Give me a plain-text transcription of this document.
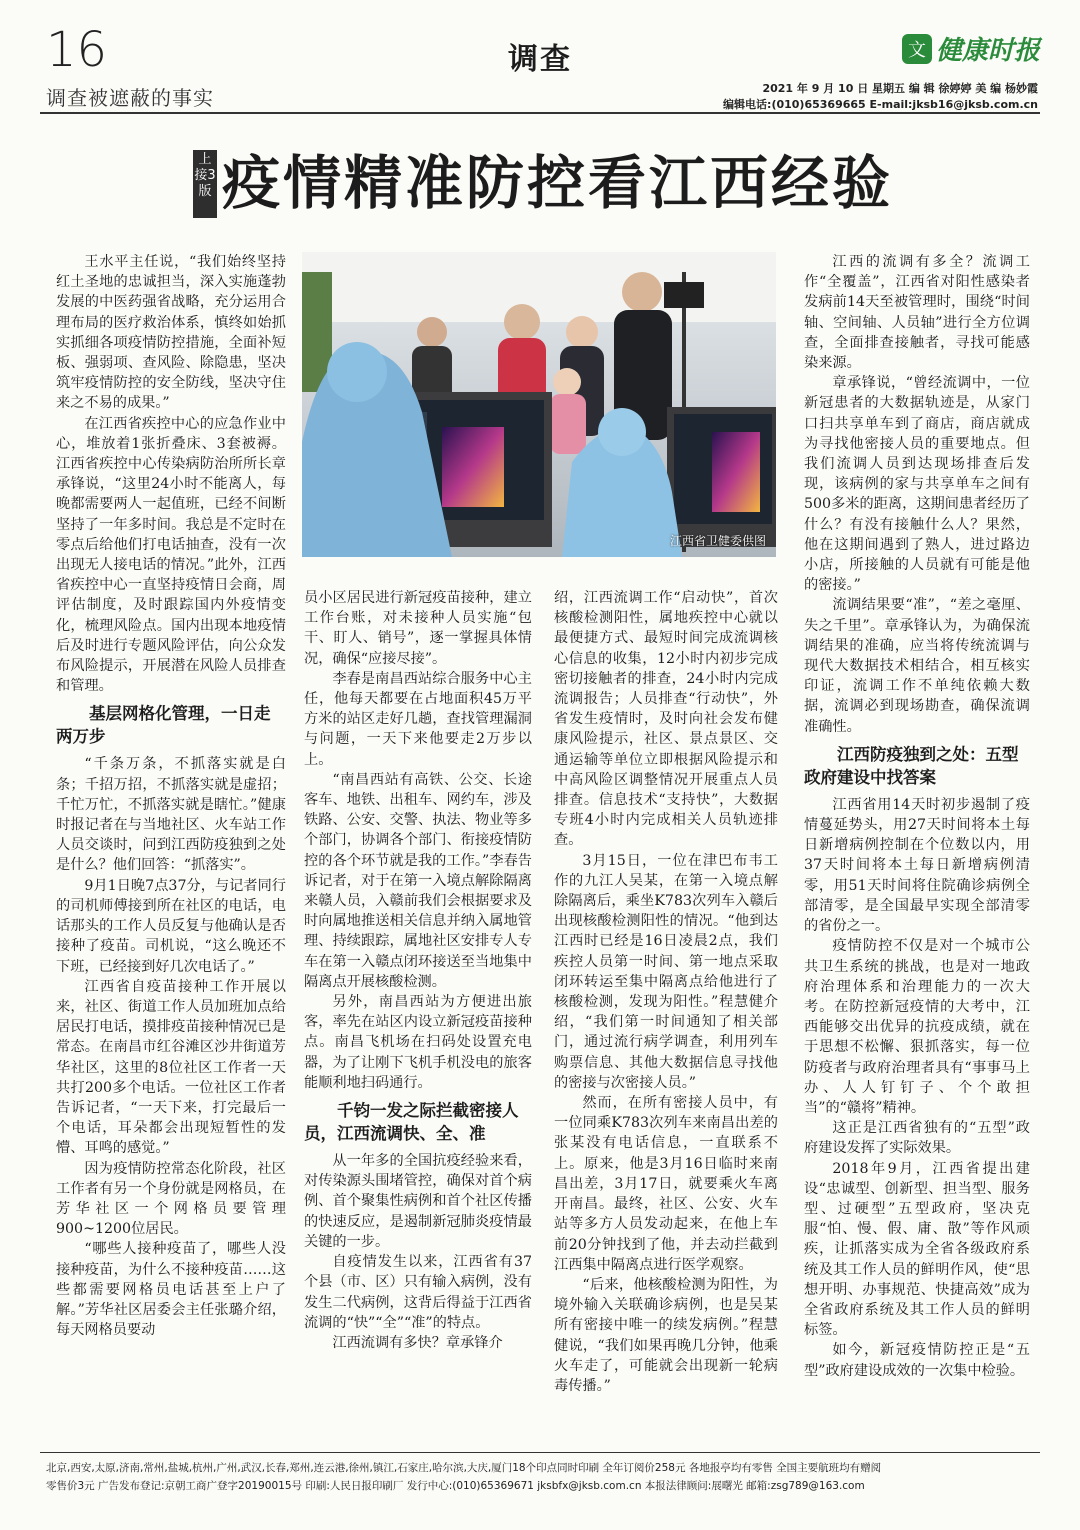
16	调查	文 健康时报
调查被遮蔽的事实	2021 年 9 月 10 日 星期五 编 辑 徐婷婷 美 编 杨妙霞
编辑电话:(010)65369665 E-mail:jksb16@jksb.com.cn
上接3版 疫情精准防控看江西经验
江西省卫健委供图

王水平主任说，“我们始终坚持红土圣地的忠诚担当，深入实施蓬勃发展的中医药强省战略，充分运用合理布局的医疗救治体系，慎终如始抓实抓细各项疫情防控措施，全面补短板、强弱项、查风险、除隐患，坚决筑牢疫情防控的安全防线，坚决守住来之不易的成果。”

在江西省疾控中心的应急作业中心，堆放着1张折叠床、3套被褥。江西省疾控中心传染病防治所所长章承锋说，“这里24小时不能离人，每晚都需要两人一起值班，已经不间断坚持了一年多时间。我总是不定时在零点后给他们打电话抽查，没有一次出现无人接电话的情况。”此外，江西省疾控中心一直坚持疫情日会商，周评估制度，及时跟踪国内外疫情变化，梳理风险点。国内出现本地疫情后及时进行专题风险评估，向公众发布风险提示，开展潜在风险人员排查和管理。

基层网格化管理，一日走两万步

“千条万条，不抓落实就是白条；千招万招，不抓落实就是虚招；千忙万忙，不抓落实就是瞎忙。”健康时报记者在与当地社区、火车站工作人员交谈时，问到江西防疫独到之处是什么？他们回答：“抓落实”。

9月1日晚7点37分，与记者同行的司机师傅接到所在社区的电话，电话那头的工作人员反复与他确认是否接种了疫苗。司机说，“这么晚还不下班，已经接到好几次电话了。”

江西省自疫苗接种工作开展以来，社区、街道工作人员加班加点给居民打电话，摸排疫苗接种情况已是常态。在南昌市红谷滩区沙井街道芳华社区，这里的8位社区工作者一天共打200多个电话。一位社区工作者告诉记者，“一天下来，打完最后一个电话，耳朵都会出现短暂性的发懵、耳鸣的感觉。”

因为疫情防控常态化阶段，社区工作者有另一个身份就是网格员，在芳华社区一个网格员要管理900~1200位居民。

“哪些人接种疫苗了，哪些人没接种疫苗，为什么不接种疫苗……这些都需要网格员电话甚至上户了解。”芳华社区居委会主任张璐介绍，每天网格员要动

员小区居民进行新冠疫苗接种，建立工作台账，对未接种人员实施“包干、盯人、销号”，逐一掌握具体情况，确保“应接尽接”。

李春是南昌西站综合服务中心主任，他每天都要在占地面积45万平方米的站区走好几趟，查找管理漏洞与问题，一天下来他要走2万步以上。

“南昌西站有高铁、公交、长途客车、地铁、出租车、网约车，涉及铁路、公安、交警、执法、物业等多个部门，协调各个部门、衔接疫情防控的各个环节就是我的工作。”李春告诉记者，对于在第一入境点解除隔离来赣人员，入赣前我们会根据要求及时向属地推送相关信息并纳入属地管理、持续跟踪，属地社区安排专人专车在第一入赣点闭环接送至当地集中隔离点开展核酸检测。

另外，南昌西站为方便进出旅客，率先在站区内设立新冠疫苗接种点。南昌飞机场在扫码处设置充电器，为了让刚下飞机手机没电的旅客能顺利地扫码通行。

千钧一发之际拦截密接人员，江西流调快、全、准

从一年多的全国抗疫经验来看，对传染源头围堵管控，确保对首个病例、首个聚集性病例和首个社区传播的快速反应，是遏制新冠肺炎疫情最关键的一步。

自疫情发生以来，江西省有37个县（市、区）只有输入病例，没有发生二代病例，这背后得益于江西省流调的“快”“全”“准”的特点。

江西流调有多快？章承锋介

绍，江西流调工作“启动快”，首次核酸检测阳性，属地疾控中心就以最便捷方式、最短时间完成流调核心信息的收集，12小时内初步完成密切接触者的排查，24小时内完成流调报告；人员排查“行动快”，外省发生疫情时，及时向社会发布健康风险提示，社区、景点景区、交通运输等单位立即根据风险提示和中高风险区调整情况开展重点人员排查。信息技术“支持快”，大数据专班4小时内完成相关人员轨迹排查。

3月15日，一位在津巴布韦工作的九江人吴某，在第一入境点解除隔离后，乘坐K783次列车入赣后出现核酸检测阳性的情况。“他到达江西时已经是16日凌晨2点，我们疾控人员第一时间、第一地点采取闭环转运至集中隔离点给他进行了核酸检测，发现为阳性。”程慧健介绍，“我们第一时间通知了相关部门，通过流行病学调查，利用列车购票信息、其他大数据信息寻找他的密接与次密接人员。”

然而，在所有密接人员中，有一位同乘K783次列车来南昌出差的张某没有电话信息，一直联系不上。原来，他是3月16日临时来南昌出差，3月17日，就要乘火车离开南昌。最终，社区、公安、火车站等多方人员发动起来，在他上车前20分钟找到了他，并去动拦截到江西集中隔离点进行医学观察。

“后来，他核酸检测为阳性，为境外输入关联确诊病例，也是吴某所有密接中唯一的续发病例。”程慧健说，“我们如果再晚几分钟，他乘火车走了，可能就会出现新一轮病毒传播。”

江西的流调有多全？流调工作“全覆盖”，江西省对阳性感染者发病前14天至被管理时，围绕“时间轴、空间轴、人员轴”进行全方位调查，全面排查接触者，寻找可能感染来源。

章承锋说，“曾经流调中，一位新冠患者的大数据轨迹是，从家门口扫共享单车到了商店，商店就成为寻找他密接人员的重要地点。但我们流调人员到达现场排查后发现，该病例的家与共享单车之间有500多米的距离，这期间患者经历了什么？有没有接触什么人？果然，他在这期间遇到了熟人，进过路边小店，所接触的人员就有可能是他的密接。”

流调结果要“准”，“差之毫厘、失之千里”。章承锋认为，为确保流调结果的准确，应当将传统流调与现代大数据技术相结合，相互核实印证，流调工作不单纯依赖大数据，流调必到现场勘查，确保流调准确性。

江西防疫独到之处：五型政府建设中找答案

江西省用14天时初步遏制了疫情蔓延势头，用27天时间将本土每日新增病例控制在个位数以内，用37天时间将本土每日新增病例清零，用51天时间将住院确诊病例全部清零，是全国最早实现全部清零的省份之一。

疫情防控不仅是对一个城市公共卫生系统的挑战，也是对一地政府治理体系和治理能力的一次大考。在防控新冠疫情的大考中，江西能够交出优异的抗疫成绩，就在于思想不松懈、狠抓落实，每一位防疫者与政府治理者具有“事事马上办、人人钉钉子、个个敢担当”的“赣将”精神。

这正是江西省独有的“五型”政府建设发挥了实际效果。

2018年9月，江西省提出建设“忠诚型、创新型、担当型、服务型、过硬型”五型政府，坚决克服“怕、慢、假、庸、散”等作风顽疾，让抓落实成为全省各级政府系统及其工作人员的鲜明作风，使“思想开明、办事规范、快捷高效”成为全省政府系统及其工作人员的鲜明标签。

如今，新冠疫情防控正是“五型”政府建设成效的一次集中检验。

北京,西安,太原,济南,常州,盐城,杭州,广州,武汉,长春,郑州,连云港,徐州,镇江,石家庄,哈尔滨,大庆,厦门18个印点同时印刷 全年订阅价258元 各地报亭均有零售 全国主要航班均有赠阅
零售价3元 广告发布登记:京朝工商广登字20190015号 印刷:人民日报印刷厂 发行中心:(010)65369671 jksbfx@jksb.com.cn 本报法律顾问:展曙光 邮箱:zsg789@163.com
